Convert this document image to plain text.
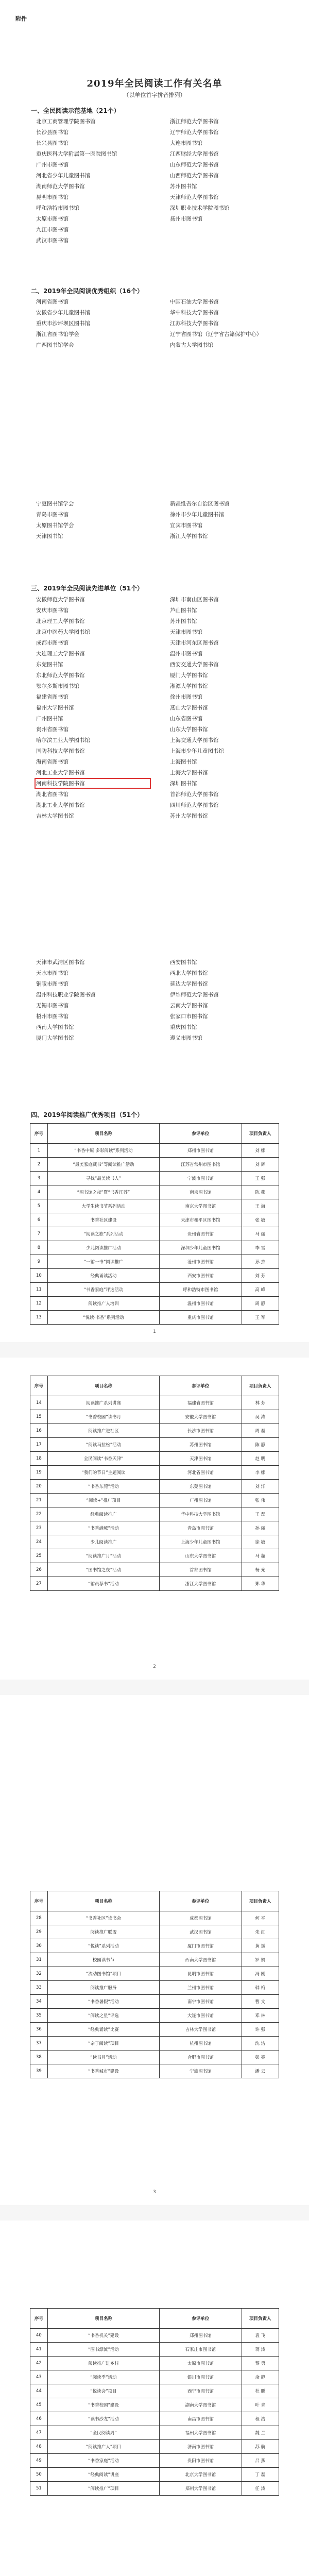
附件
2019年全民阅读工作有关名单
（以单位首字拼音排列）
一、全民阅读示范基地（21个）
北京工商管理学院图书馆	浙江师范大学图书馆
长沙县图书馆	辽宁师范大学图书馆
长兴县图书馆	大连市图书馆
重庆医科大学附属第一医院图书馆	江西财经大学图书馆
广州市图书馆	山东师范大学图书馆
河北省少年儿童图书馆	山西师范大学图书馆
湖南师范大学图书馆	苏州图书馆
昆明市图书馆	天津师范大学图书馆
呼和浩特市图书馆	深圳职业技术学院图书馆
太原市图书馆	扬州市图书馆
九江市图书馆
武汉市图书馆
二、2019年全民阅读优秀组织（16个）
河南省图书馆	中国石油大学图书馆
安徽省少年儿童图书馆	华中科技大学图书馆
重庆市沙坪坝区图书馆	江苏科技大学图书馆
浙江省图书馆学会	辽宁省图书馆（辽宁省古籍保护中心）
广西图书馆学会	内蒙古大学图书馆
宁夏图书馆学会	新疆维吾尔自治区图书馆
青岛市图书馆	徐州市少年儿童图书馆
太原图书馆学会	宜宾市图书馆
天津图书馆	浙江大学图书馆
三、2019年全民阅读先进单位（51个）
安徽师范大学图书馆	深圳市南山区图书馆
安庆市图书馆	芦山图书馆
北京理工大学图书馆	苏州图书馆
北京中医药大学图书馆	天津市图书馆
成都市图书馆	天津市河东区图书馆
大连理工大学图书馆	温州市图书馆
东莞图书馆	西安交通大学图书馆
东北师范大学图书馆	厦门大学图书馆
鄂尔多斯市图书馆	湘潭大学图书馆
福建省图书馆	徐州市图书馆
福州大学图书馆	燕山大学图书馆
广州图书馆	山东省图书馆
贵州省图书馆	山东大学图书馆
哈尔滨工业大学图书馆	上海交通大学图书馆
国防科技大学图书馆	上海市少年儿童图书馆
海南省图书馆	上海图书馆
河北工业大学图书馆	上海大学图书馆
河南科技学院图书馆	深圳图书馆
湖北省图书馆	首都师范大学图书馆
湖北工业大学图书馆	四川师范大学图书馆
吉林大学图书馆	苏州大学图书馆
天津市武清区图书馆	西安图书馆
天水市图书馆	西北大学图书馆
铜陵市图书馆	延边大学图书馆
温州科技职业学院图书馆	伊犁师范大学图书馆
无锡市图书馆	云南大学图书馆
梧州市图书馆	张家口市图书馆
西南大学图书馆	重庆图书馆
厦门大学图书馆	遵义市图书馆
四、2019年阅读推广优秀项目（51个）
序号	项目名称	参评单位	项目负责人
1	“书香中原 多彩阅读”系列活动	郑州市图书馆	刘 娜
2	“最美家庭藏书”等阅读推广活动	江苏省常州市图书馆	刘 辉
3	寻找“最美读书人”	宁波市图书馆	王 强
4	“图书馆之夜”暨“书香江苏”	南京图书馆	陈 燕
5	大学生读书节系列活动	南京大学图书馆	王 海
6	书香社区建设	天津市和平区图书馆	张 敏
7	“阅读之旅”系列活动	贵州省图书馆	马 丽
8	少儿阅读推广活动	深圳少年儿童图书馆	李 雪
9	“一馆一书”阅读推广	沧州市图书馆	孙 杰
10	经典诵读活动	西安市图书馆	刘 芳
11	“书香家庭”评选活动	呼和浩特市图书馆	高 峰
12	阅读推广人培训	温州市图书馆	周 静
13	“悦读·书香”系列活动	重庆市图书馆	王 军
1
序号	项目名称	参评单位	项目负责人
14	阅读推广系列讲座	福建省图书馆	林 芳
15	“书香校园”读书月	安徽大学图书馆	吴 涛
16	阅读推广进社区	长沙市图书馆	周 磊
17	“阅读马拉松”活动	苏州图书馆	陈 静
18	全民阅读“书香天津”	天津图书馆	赵 明
19	“我们的节日”主题阅读	河北省图书馆	李 娜
20	“书香东莞”活动	东莞图书馆	刘 洋
21	“阅读+”推广项目	广州图书馆	张 伟
22	经典阅读推广	华中科技大学图书馆	王 磊
23	“书香满城”活动	青岛市图书馆	孙 丽
24	少儿阅读推广	上海少年儿童图书馆	徐 敏
25	“阅读推广月”活动	山东大学图书馆	马 超
26	“图书馆之夜”活动	首都图书馆	杨 光
27	“馆员荐书”活动	浙江大学图书馆	郑 华
2
序号	项目名称	参评单位	项目负责人
28	“书香社区”读书会	成都图书馆	何 平
29	阅读推广联盟	武汉图书馆	朱 红
30	“悦读”系列活动	厦门市图书馆	黄 斌
31	校园读书节	西南大学图书馆	罗 娟
32	“流动图书馆”项目	昆明市图书馆	冯 刚
33	阅读推广服务	兰州市图书馆	韩 梅
34	“书香暑假”活动	南宁市图书馆	曹 文
35	“阅读之星”评选	大连市图书馆	邓 林
36	“经典诵读”比赛	吉林大学图书馆	许 强
37	“亲子阅读”项目	杭州图书馆	沈 洁
38	“读书月”活动	合肥市图书馆	彭 亮
39	“书香城市”建设	宁波图书馆	潘 云
3
序号	项目名称	参评单位	项目负责人
40	“书香机关”建设	郑州图书馆	袁 飞
41	“图书漂流”活动	石家庄市图书馆	蒋 涛
42	阅读推广进乡村	太原市图书馆	蔡 勇
43	“阅读季”活动	银川市图书馆	余 静
44	“悦读会”项目	西宁市图书馆	杜 鹏
45	“书香校园”建设	湖南大学图书馆	叶 青
46	“读书沙龙”活动	南昌市图书馆	程 浩
47	“全民阅读周”	福州大学图书馆	魏 兰
48	“阅读推广人”项目	济南市图书馆	苏 航
49	“书香家庭”活动	贵阳市图书馆	吕 燕
50	“经典阅读”讲座	北京大学图书馆	丁 磊
51	“阅读推广”项目	郑州大学图书馆	任 涛
